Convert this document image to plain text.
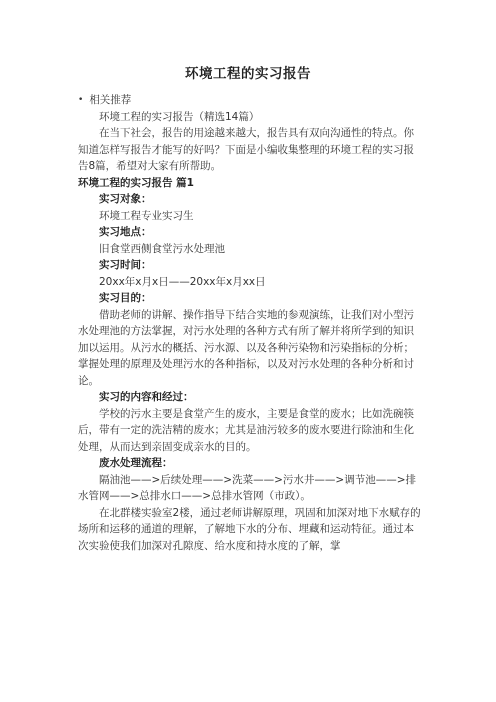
环境工程的实习报告

• 相关推荐

环境工程的实习报告（精选14篇）

在当下社会，报告的用途越来越大，报告具有双向沟通性的特点。你知道怎样写报告才能写的好吗？下面是小编收集整理的环境工程的实习报告8篇，希望对大家有所帮助。

环境工程的实习报告 篇1

实习对象：

环境工程专业实习生

实习地点：

旧食堂西侧食堂污水处理池

实习时间：

20xx年x月x日——20xx年x月xx日

实习目的：

借助老师的讲解、操作指导下结合实地的参观演练，让我们对小型污水处理池的方法掌握，对污水处理的各种方式有所了解并将所学到的知识加以运用。从污水的概括、污水源、以及各种污染物和污染指标的分析；掌握处理的原理及处理污水的各种指标，以及对污水处理的各种分析和讨论。

实习的内容和经过：

学校的污水主要是食堂产生的废水，主要是食堂的废水；比如洗碗筷后，带有一定的洗洁精的废水；尤其是油污较多的废水要进行除油和生化处理，从而达到亲固变成亲水的目的。

废水处理流程：

隔油池——>后续处理——>洗菜——>污水井——>调节池——>排水管网——>总排水口——>总排水管网（市政）。

在北群楼实验室2楼，通过老师讲解原理，巩固和加深对地下水赋存的场所和运移的通道的理解，了解地下水的分布、埋藏和运动特征。通过本次实验使我们加深对孔隙度、给水度和持水度的了解，掌
